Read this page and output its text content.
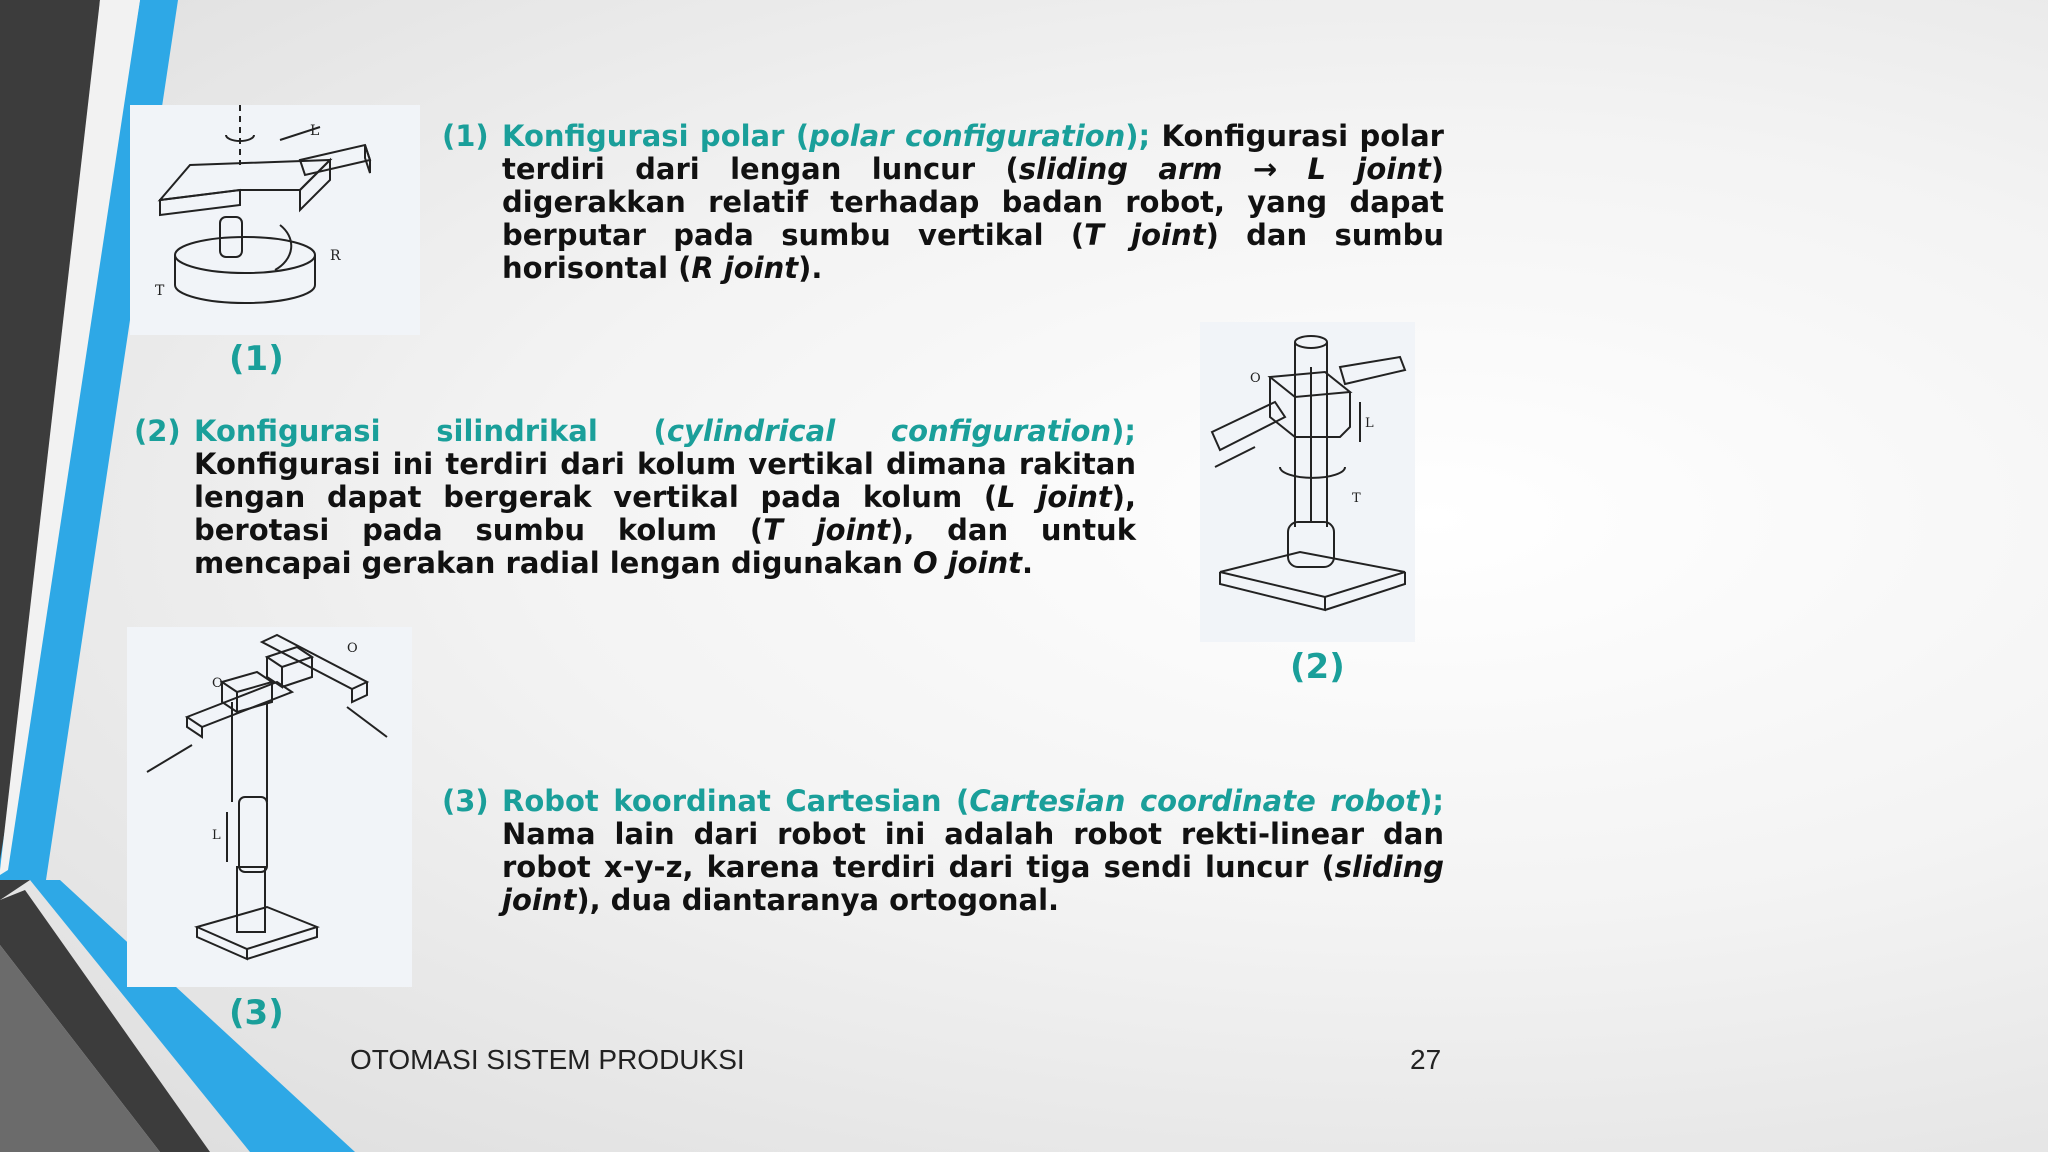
L
R
T
(1)
(1) Konfigurasi polar (polar configuration); Konfigurasi polar terdiri dari lengan luncur (sliding arm → L joint) digerakkan relatif terhadap badan robot, yang dapat berputar pada sumbu vertikal (T joint) dan sumbu horisontal (R joint).
O
L
T
(2)
(2) Konfigurasi silindrikal (cylindrical configuration); Konfigurasi ini terdiri dari kolum vertikal dimana rakitan lengan dapat bergerak vertikal pada kolum (L joint), berotasi pada sumbu kolum (T joint), dan untuk mencapai gerakan radial lengan digunakan O joint.
O
O
L
(3)
(3) Robot koordinat Cartesian (Cartesian coordinate robot); Nama lain dari robot ini adalah robot rekti-linear dan robot x-y-z, karena terdiri dari tiga sendi luncur (sliding joint), dua diantaranya ortogonal.
OTOMASI SISTEM PRODUKSI	27
